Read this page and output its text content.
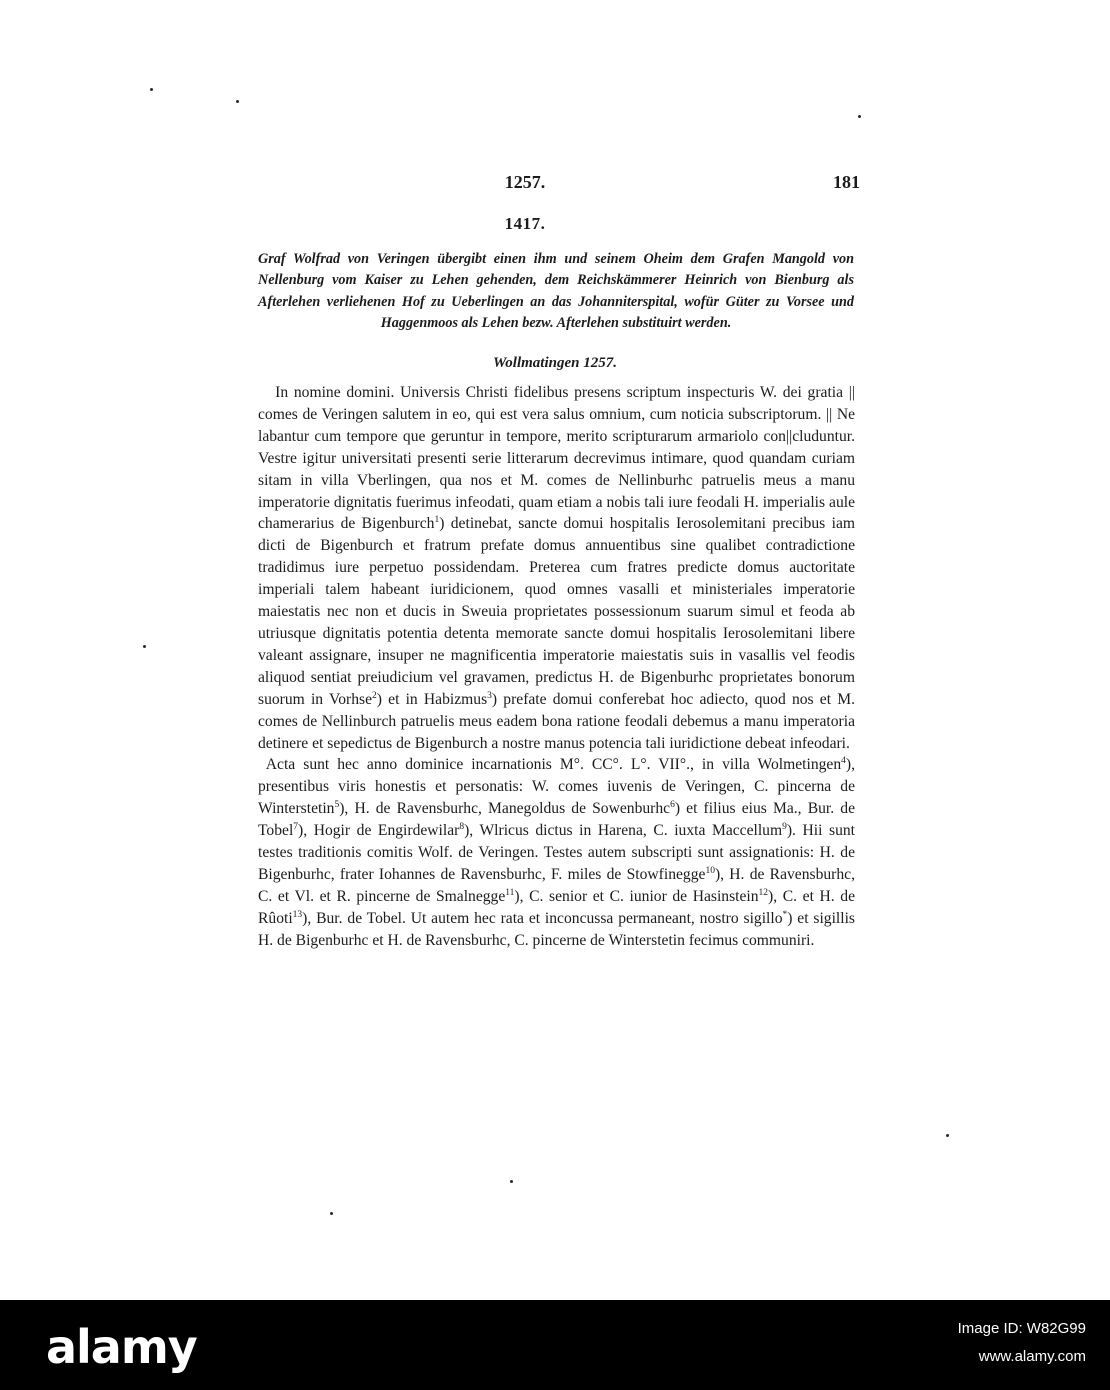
1257.	181
1417.
Graf Wolfrad von Veringen übergibt einen ihm und seinem Oheim dem Grafen Mangold von Nellenburg vom Kaiser zu Lehen gehenden, dem Reichskämmerer Heinrich von Bienburg als Afterlehen verliehenen Hof zu Ueberlingen an das Johanniterspital, wofür Güter zu Vorsee und Haggenmoos als Lehen bezw. Afterlehen substituirt werden.
Wollmatingen 1257.

In nomine domini. Universis Christi fidelibus presens scriptum inspecturis W. dei gratia || comes de Veringen salutem in eo, qui est vera salus omnium, cum noticia subscriptorum. || Ne labantur cum tempore que geruntur in tempore, merito scripturarum armariolo con||cluduntur. Vestre igitur universitati presenti serie litterarum decrevimus intimare, quod quandam curiam sitam in villa Vberlingen, qua nos et M. comes de Nellinburhc patruelis meus a manu imperatorie dignitatis fuerimus infeodati, quam etiam a nobis tali iure feodali H. imperialis aule chamerarius de Bigenburch$^1$) detinebat, sancte domui hospitalis Ierosolemitani precibus iam dicti de Bigenburch et fratrum prefate domus annuentibus sine qualibet contradictione tradidimus iure perpetuo possidendam. Preterea cum fratres predicte domus auctoritate imperiali talem habeant iuridicionem, quod omnes vasalli et ministeriales imperatorie maiestatis nec non et ducis in Sweuia proprietates possessionum suarum simul et feoda ab utriusque dignitatis potentia detenta memorate sancte domui hospitalis Ierosolemitani libere valeant assignare, insuper ne magnificentia imperatorie maiestatis suis in vasallis vel feodis aliquod sentiat preiudicium vel gravamen, predictus H. de Bigenburhc proprietates bonorum suorum in Vorhse$^2$) et in Habizmus$^3$) prefate domui conferebat hoc adiecto, quod nos et M. comes de Nellinburch patruelis meus eadem bona ratione feodali debemus a manu imperatoria detinere et sepedictus de Bigenburch a nostre manus potencia tali iuridictione debeat infeodari.

Acta sunt hec anno dominice incarnationis M°. CC°. L°. VII°., in villa Wolmetingen$^4$), presentibus viris honestis et personatis: W. comes iuvenis de Veringen, C. pincerna de Winterstetin$^5$), H. de Ravensburhc, Manegoldus de Sowenburhc$^6$) et filius eius Ma., Bur. de Tobel$^7$), Hogir de Engirdewilar$^8$), Wlricus dictus in Harena, C. iuxta Maccellum$^9$). Hii sunt testes traditionis comitis Wolf. de Veringen. Testes autem subscripti sunt assignationis: H. de Bigenburhc, frater Iohannes de Ravensburhc, F. miles de Stowfinegge$^{10}$), H. de Ravensburhc, C. et Vl. et R. pincerne de Smalnegge$^{11}$), C. senior et C. iunior de Hasinstein$^{12}$), C. et H. de Rûoti$^{13}$), Bur. de Tobel. Ut autem hec rata et inconcussa permaneant, nostro sigillo*) et sigillis H. de Bigenburhc et H. de Ravensburhc, C. pincerne de Winterstetin fecimus communiri.

alamy	Image ID: W82G99
www.alamy.com
